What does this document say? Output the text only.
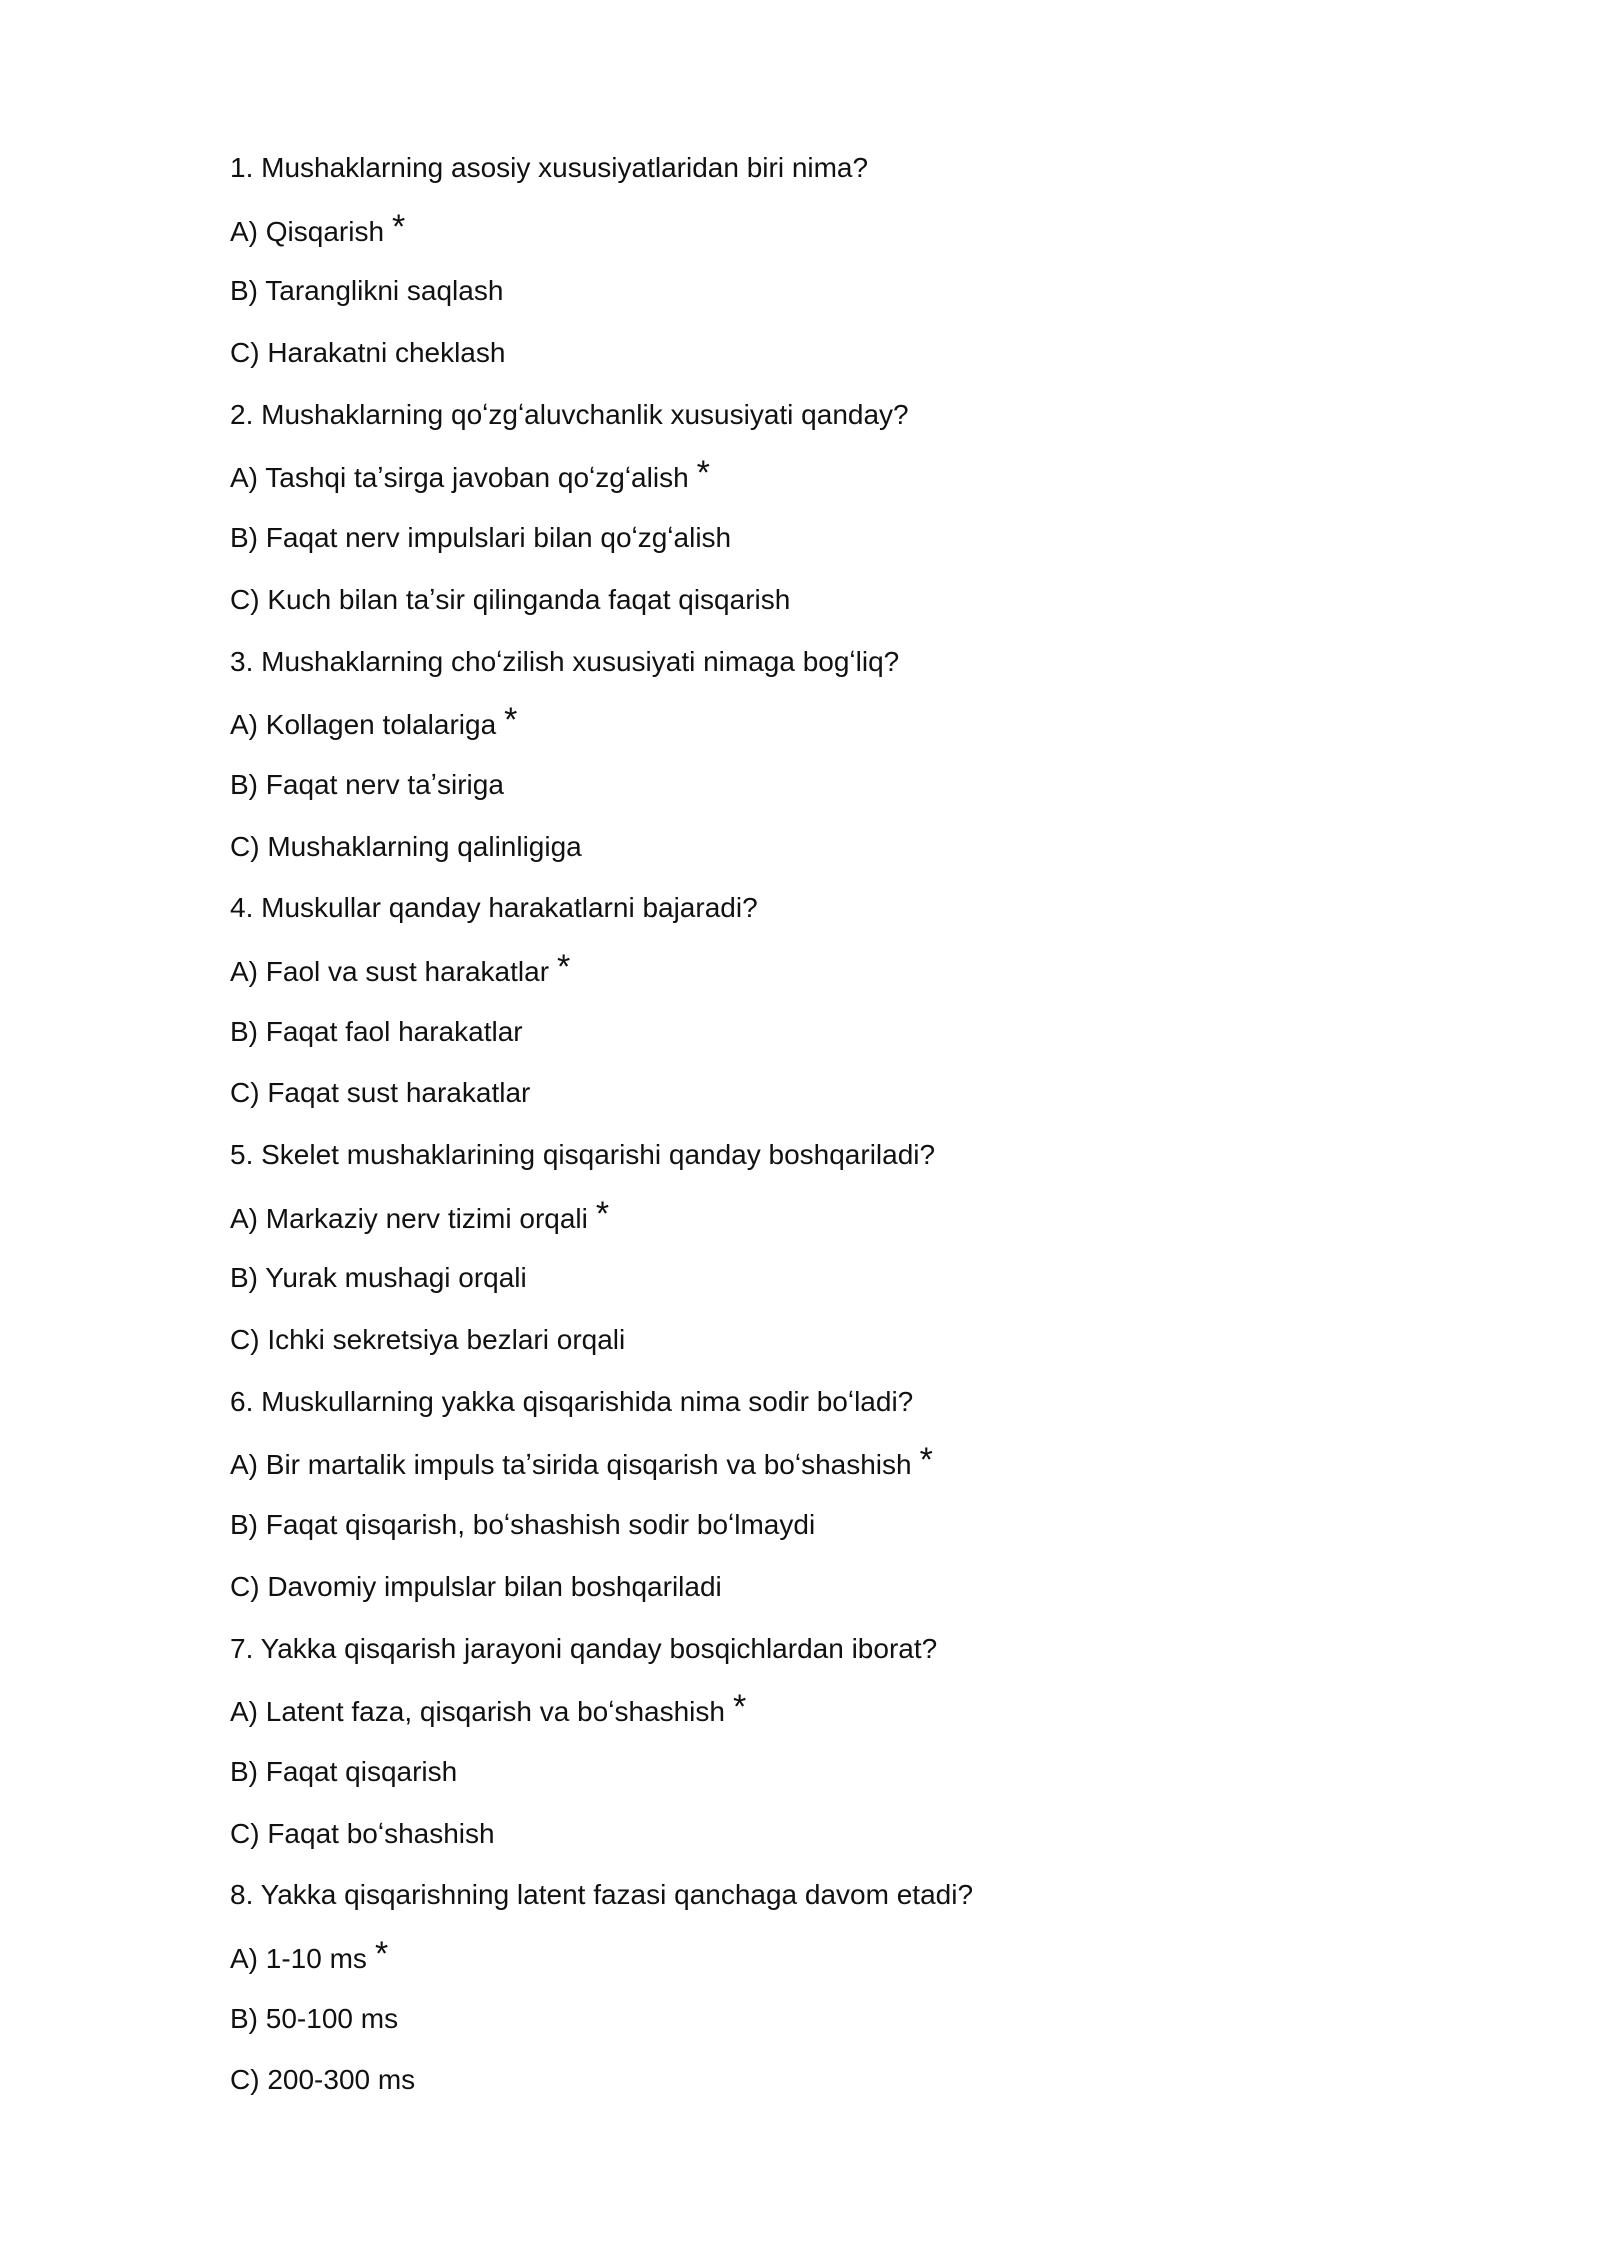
1. Mushaklarning asosiy xususiyatlaridan biri nima?
A) Qisqarish *
B) Taranglikni saqlash
C) Harakatni cheklash
2. Mushaklarning qoʻzgʻaluvchanlik xususiyati qanday?
A) Tashqi taʼsirga javoban qoʻzgʻalish *
B) Faqat nerv impulslari bilan qoʻzgʻalish
C) Kuch bilan taʼsir qilinganda faqat qisqarish
3. Mushaklarning choʻzilish xususiyati nimaga bogʻliq?
A) Kollagen tolalariga *
B) Faqat nerv taʼsiriga
C) Mushaklarning qalinligiga
4. Muskullar qanday harakatlarni bajaradi?
A) Faol va sust harakatlar *
B) Faqat faol harakatlar
C) Faqat sust harakatlar
5. Skelet mushaklarining qisqarishi qanday boshqariladi?
A) Markaziy nerv tizimi orqali *
B) Yurak mushagi orqali
C) Ichki sekretsiya bezlari orqali
6. Muskullarning yakka qisqarishida nima sodir boʻladi?
A) Bir martalik impuls taʼsirida qisqarish va boʻshashish *
B) Faqat qisqarish, boʻshashish sodir boʻlmaydi
C) Davomiy impulslar bilan boshqariladi
7. Yakka qisqarish jarayoni qanday bosqichlardan iborat?
A) Latent faza, qisqarish va boʻshashish *
B) Faqat qisqarish
C) Faqat boʻshashish
8. Yakka qisqarishning latent fazasi qanchaga davom etadi?
A) 1-10 ms *
B) 50-100 ms
C) 200-300 ms
